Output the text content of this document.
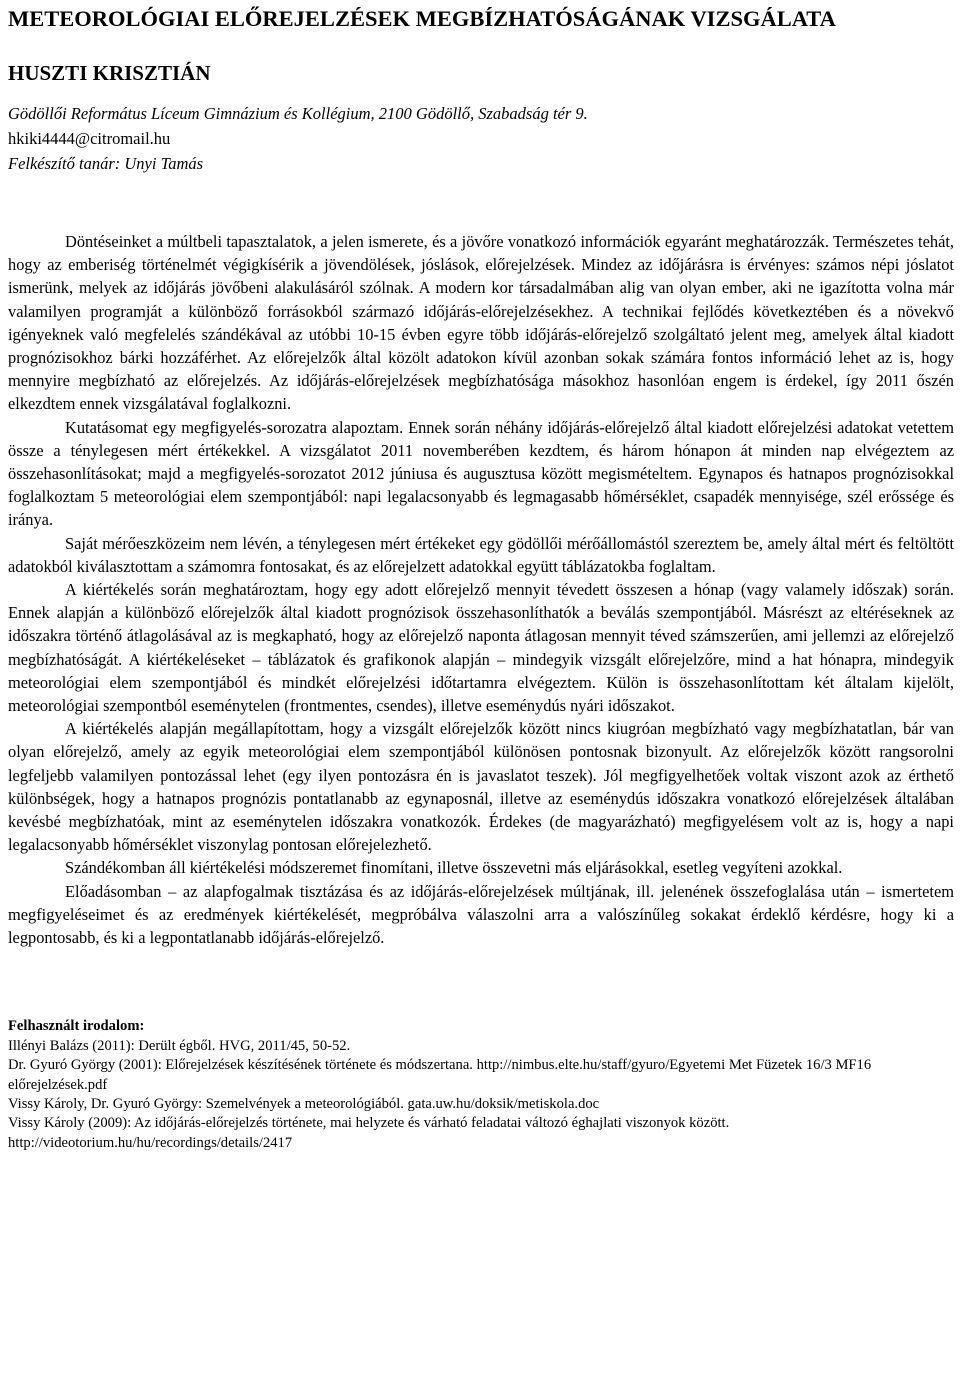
METEOROLÓGIAI ELŐREJELZÉSEK MEGBÍZHATÓSÁGÁNAK VIZSGÁLATA
HUSZTI KRISZTIÁN
Gödöllői Református Líceum Gimnázium és Kollégium, 2100 Gödöllő, Szabadság tér 9.
hkiki4444@citromail.hu
Felkészítő tanár: Unyi Tamás

Döntéseinket a múltbeli tapasztalatok, a jelen ismerete, és a jövőre vonatkozó információk egyaránt meghatározzák. Természetes tehát, hogy az emberiség történelmét végigkísérik a jövendölések, jóslások, előrejelzések. Mindez az időjárásra is érvényes: számos népi jóslatot ismerünk, melyek az időjárás jövőbeni alakulásáról szólnak. A modern kor társadalmában alig van olyan ember, aki ne igazította volna már valamilyen programját a különböző forrásokból származó időjárás-előrejelzésekhez. A technikai fejlődés következtében és a növekvő igényeknek való megfelelés szándékával az utóbbi 10-15 évben egyre több időjárás-előrejelző szolgáltató jelent meg, amelyek által kiadott prognózisokhoz bárki hozzáférhet. Az előrejelzők által közölt adatokon kívül azonban sokak számára fontos információ lehet az is, hogy mennyire megbízható az előrejelzés. Az időjárás-előrejelzések megbízhatósága másokhoz hasonlóan engem is érdekel, így 2011 őszén elkezdtem ennek vizsgálatával foglalkozni.

Kutatásomat egy megfigyelés-sorozatra alapoztam. Ennek során néhány időjárás-előrejelző által kiadott előrejelzési adatokat vetettem össze a ténylegesen mért értékekkel. A vizsgálatot 2011 novemberében kezdtem, és három hónapon át minden nap elvégeztem az összehasonlításokat; majd a megfigyelés-sorozatot 2012 júniusa és augusztusa között megismételtem. Egynapos és hatnapos prognózisokkal foglalkoztam 5 meteorológiai elem szempontjából: napi legalacsonyabb és legmagasabb hőmérséklet, csapadék mennyisége, szél erőssége és iránya.

Saját mérőeszközeim nem lévén, a ténylegesen mért értékeket egy gödöllői mérőállomástól szereztem be, amely által mért és feltöltött adatokból kiválasztottam a számomra fontosakat, és az előrejelzett adatokkal együtt táblázatokba foglaltam.

A kiértékelés során meghatároztam, hogy egy adott előrejelző mennyit tévedett összesen a hónap (vagy valamely időszak) során. Ennek alapján a különböző előrejelzők által kiadott prognózisok összehasonlíthatók a beválás szempontjából. Másrészt az eltéréseknek az időszakra történő átlagolásával az is megkapható, hogy az előrejelző naponta átlagosan mennyit téved számszerűen, ami jellemzi az előrejelző megbízhatóságát. A kiértékeléseket – táblázatok és grafikonok alapján – mindegyik vizsgált előrejelzőre, mind a hat hónapra, mindegyik meteorológiai elem szempontjából és mindkét előrejelzési időtartamra elvégeztem. Külön is összehasonlítottam két általam kijelölt, meteorológiai szempontból eseménytelen (frontmentes, csendes), illetve eseménydús nyári időszakot.

A kiértékelés alapján megállapítottam, hogy a vizsgált előrejelzők között nincs kiugróan megbízható vagy megbízhatatlan, bár van olyan előrejelző, amely az egyik meteorológiai elem szempontjából különösen pontosnak bizonyult. Az előrejelzők között rangsorolni legfeljebb valamilyen pontozással lehet (egy ilyen pontozásra én is javaslatot teszek). Jól megfigyelhetőek voltak viszont azok az érthető különbségek, hogy a hatnapos prognózis pontatlanabb az egynaposnál, illetve az eseménydús időszakra vonatkozó előrejelzések általában kevésbé megbízhatóak, mint az eseménytelen időszakra vonatkozók. Érdekes (de magyarázható) megfigyelésem volt az is, hogy a napi legalacsonyabb hőmérséklet viszonylag pontosan előrejelezhető.

Szándékomban áll kiértékelési módszeremet finomítani, illetve összevetni más eljárásokkal, esetleg vegyíteni azokkal.

Előadásomban – az alapfogalmak tisztázása és az időjárás-előrejelzések múltjának, ill. jelenének összefoglalása után – ismertetem megfigyeléseimet és az eredmények kiértékelését, megpróbálva válaszolni arra a valószínűleg sokakat érdeklő kérdésre, hogy ki a legpontosabb, és ki a legpontatlanabb időjárás-előrejelző.

Felhasznált irodalom:

Illényi Balázs (2011): Derült égből. HVG, 2011/45, 50-52.
Dr. Gyuró György (2001): Előrejelzések készítésének története és módszertana. http://nimbus.elte.hu/staff/gyuro/Egyetemi Met Füzetek 16/3 MF16 előrejelzések.pdf
Vissy Károly, Dr. Gyuró György: Szemelvények a meteorológiából. gata.uw.hu/doksik/metiskola.doc
Vissy Károly (2009): Az időjárás-előrejelzés története, mai helyzete és várható feladatai változó éghajlati viszonyok között. http://videotorium.hu/hu/recordings/details/2417
